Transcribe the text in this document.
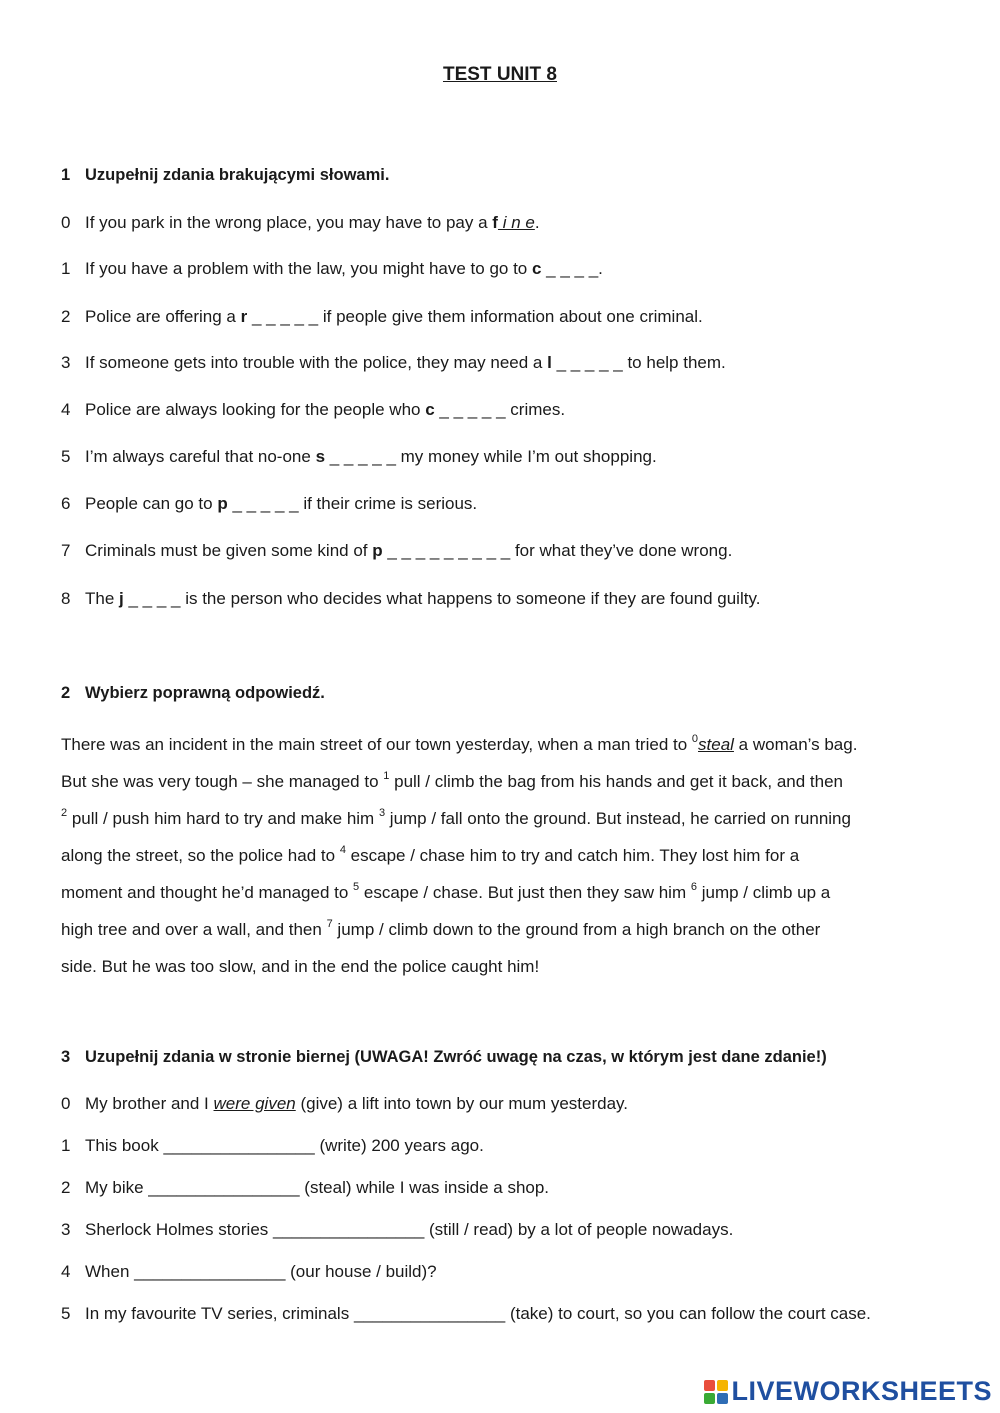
TEST UNIT 8
1 Uzupełnij zdania brakującymi słowami.
0 If you park in the wrong place, you may have to pay a f i n e.
1 If you have a problem with the law, you might have to go to c _ _ _ _.
2 Police are offering a r _ _ _ _ _ if people give them information about one criminal.
3 If someone gets into trouble with the police, they may need a l _ _ _ _ _ to help them.
4 Police are always looking for the people who c _ _ _ _ _ crimes.
5 I’m always careful that no-one s _ _ _ _ _ my money while I’m out shopping.
6 People can go to p _ _ _ _ _ if their crime is serious.
7 Criminals must be given some kind of p _ _ _ _ _ _ _ _ _ for what they’ve done wrong.
8 The j _ _ _ _ is the person who decides what happens to someone if they are found guilty.
2 Wybierz poprawną odpowiedź.
There was an incident in the main street of our town yesterday, when a man tried to $^0$steal a woman’s bag.
But she was very tough – she managed to $^1$ pull / climb the bag from his hands and get it back, and then
$^2$ pull / push him hard to try and make him $^3$ jump / fall onto the ground. But instead, he carried on running
along the street, so the police had to $^4$ escape / chase him to try and catch him. They lost him for a
moment and thought he’d managed to $^5$ escape / chase. But just then they saw him $^6$ jump / climb up a
high tree and over a wall, and then $^7$ jump / climb down to the ground from a high branch on the other
side. But he was too slow, and in the end the police caught him!
3 Uzupełnij zdania w stronie biernej (UWAGA! Zwróć uwagę na czas, w którym jest dane zdanie!)
0 My brother and I were given (give) a lift into town by our mum yesterday.
1 This book ________________ (write) 200 years ago.
2 My bike ________________ (steal) while I was inside a shop.
3 Sherlock Holmes stories ________________ (still / read) by a lot of people nowadays.
4 When ________________ (our house / build)?
5 In my favourite TV series, criminals ________________ (take) to court, so you can follow the court case.
LIVEWORKSHEETS
